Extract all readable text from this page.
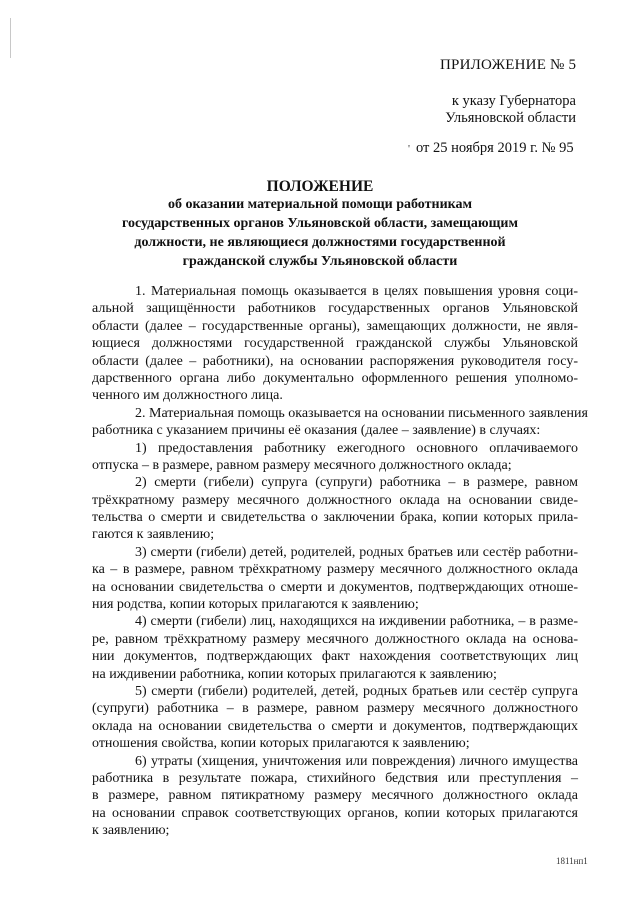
ПРИЛОЖЕНИЕ № 5
к указу Губернатора
Ульяновской области
' от 25 ноября 2019 г. № 95
ПОЛОЖЕНИЕ
об оказании материальной помощи работникам
государственных органов Ульяновской области, замещающим
должности, не являющиеся должностями государственной
гражданской службы Ульяновской области
1. Материальная помощь оказывается в целях повышения уровня соци-
альной защищённости работников государственных органов Ульяновской
области (далее – государственные органы), замещающих должности, не явля-
ющиеся должностями государственной гражданской службы Ульяновской
области (далее – работники), на основании распоряжения руководителя госу-
дарственного органа либо документально оформленного решения уполномо-
ченного им должностного лица.
2. Материальная помощь оказывается на основании письменного заявления
работника с указанием причины её оказания (далее – заявление) в случаях:
1) предоставления работнику ежегодного основного оплачиваемого
отпуска – в размере, равном размеру месячного должностного оклада;
2) смерти (гибели) супруга (супруги) работника – в размере, равном
трёхкратному размеру месячного должностного оклада на основании свиде-
тельства о смерти и свидетельства о заключении брака, копии которых прила-
гаются к заявлению;
3) смерти (гибели) детей, родителей, родных братьев или сестёр работни-
ка – в размере, равном трёхкратному размеру месячного должностного оклада
на основании свидетельства о смерти и документов, подтверждающих отноше-
ния родства, копии которых прилагаются к заявлению;
4) смерти (гибели) лиц, находящихся на иждивении работника, – в разме-
ре, равном трёхкратному размеру месячного должностного оклада на основа-
нии документов, подтверждающих факт нахождения соответствующих лиц
на иждивении работника, копии которых прилагаются к заявлению;
5) смерти (гибели) родителей, детей, родных братьев или сестёр супруга
(супруги) работника – в размере, равном размеру месячного должностного
оклада на основании свидетельства о смерти и документов, подтверждающих
отношения свойства, копии которых прилагаются к заявлению;
6) утраты (хищения, уничтожения или повреждения) личного имущества
работника в результате пожара, стихийного бедствия или преступления –
в размере, равном пятикратному размеру месячного должностного оклада
на основании справок соответствующих органов, копии которых прилагаются
к заявлению;
1811нп1
